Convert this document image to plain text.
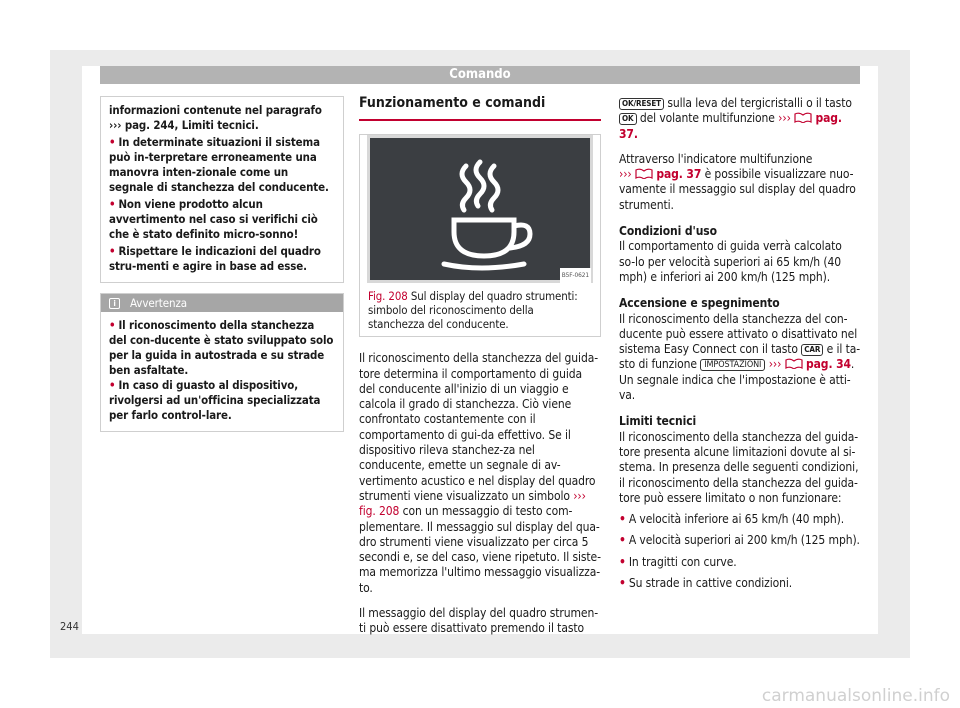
Comando

informazioni contenute nel paragrafo ››› pag. 244, Limiti tecnici.

• In determinate situazioni il sistema può in-terpretare erroneamente una manovra inten-zionale come un segnale di stanchezza del conducente.

• Non viene prodotto alcun avvertimento nel caso si verifichi ciò che è stato definito micro-sonno!

• Rispettare le indicazioni del quadro stru-menti e agire in base ad esse.

i	Avvertenza

• Il riconoscimento della stanchezza del con-ducente è stato sviluppato solo per la guida in autostrada e su strade ben asfaltate.

• In caso di guasto al dispositivo, rivolgersi ad un'officina specializzata per farlo control-lare.

Funzionamento e comandi
B5F-0621
Fig. 208 Sul display del quadro strumenti: simbolo del riconoscimento della stanchezza del conducente.

Il riconoscimento della stanchezza del guida-tore determina il comportamento di guida del conducente all'inizio di un viaggio e calcola il grado di stanchezza. Ciò viene confrontato costantemente con il comportamento di gui-da effettivo. Se il dispositivo rileva stanchez-za nel conducente, emette un segnale di av-vertimento acustico e nel display del quadro strumenti viene visualizzato un simbolo ››› fig. 208 con un messaggio di testo com-plementare. Il messaggio sul display del qua-dro strumenti viene visualizzato per circa 5 secondi e, se del caso, viene ripetuto. Il siste-ma memorizza l'ultimo messaggio visualizza-to.

Il messaggio del display del quadro strumen-ti può essere disattivato premendo il tasto

OK/RESET sulla leva del tergicristalli o il tasto OK del volante multifunzione ››› pag. 37.

Attraverso l'indicatore multifunzione
››› pag. 37 è possibile visualizzare nuo-vamente il messaggio sul display del quadro strumenti.

Condizioni d'uso

Il comportamento di guida verrà calcolato so-lo per velocità superiori ai 65 km/h (40 mph) e inferiori ai 200 km/h (125 mph).

Accensione e spegnimento

Il riconoscimento della stanchezza del con-ducente può essere attivato o disattivato nel sistema Easy Connect con il tasto CAR e il ta-sto di funzione IMPOSTAZIONI ››› pag. 34. Un segnale indica che l'impostazione è atti-va.

Limiti tecnici

Il riconoscimento della stanchezza del guida-tore presenta alcune limitazioni dovute al si-stema. In presenza delle seguenti condizioni, il riconoscimento della stanchezza del guida-tore può essere limitato o non funzionare:

• A velocità inferiore ai 65 km/h (40 mph).

• A velocità superiori ai 200 km/h (125 mph).

• In tragitti con curve.

• Su strade in cattive condizioni.

244
carmanualsonline.info
